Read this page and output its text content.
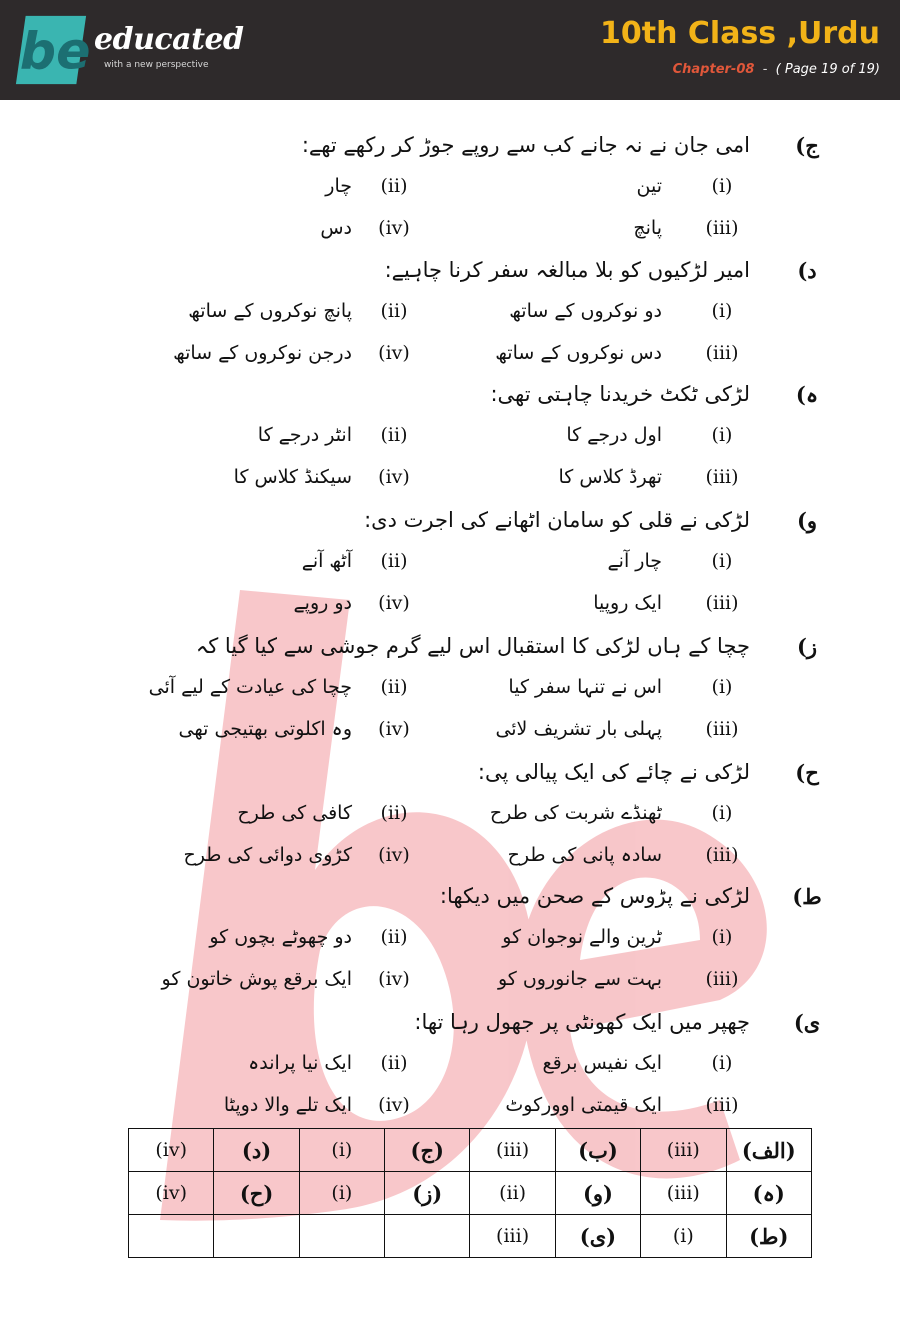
be educated
with a new perspective
10th Class ,Urdu
Chapter-08 - ( Page 19 of 19)
(ج
امی جان نے نہ جانے کب سے روپے جوڑ کر رکھے تھے:
(i)
تین
(ii)
چار
(iii)
پانچ
(iv)
دس
(د
امیر لڑکیوں کو بلا مبالغہ سفر کرنا چاہیے:
(i)
دو نوکروں کے ساتھ
(ii)
پانچ نوکروں کے ساتھ
(iii)
دس نوکروں کے ساتھ
(iv)
درجن نوکروں کے ساتھ
(ہ
لڑکی ٹکٹ خریدنا چاہتی تھی:
(i)
اول درجے کا
(ii)
انٹر درجے کا
(iii)
تھرڈ کلاس کا
(iv)
سیکنڈ کلاس کا
(و
لڑکی نے قلی کو سامان اٹھانے کی اجرت دی:
(i)
چار آنے
(ii)
آٹھ آنے
(iii)
ایک روپیا
(iv)
دو روپے
(ز
چچا کے ہاں لڑکی کا استقبال اس لیے گرم جوشی سے کیا گیا کہ
(i)
اس نے تنہا سفر کیا
(ii)
چچا کی عیادت کے لیے آئی
(iii)
پہلی بار تشریف لائی
(iv)
وہ اکلوتی بھتیجی تھی
(ح
لڑکی نے چائے کی ایک پیالی پی:
(i)
ٹھنڈے شربت کی طرح
(ii)
کافی کی طرح
(iii)
سادہ پانی کی طرح
(iv)
کڑوی دوائی کی طرح
(ط
لڑکی نے پڑوس کے صحن میں دیکھا:
(i)
ٹرین والے نوجوان کو
(ii)
دو چھوٹے بچوں کو
(iii)
بہت سے جانوروں کو
(iv)
ایک برقع پوش خاتون کو
(ی
چھپر میں ایک کھونٹی پر جھول رہا تھا:
(i)
ایک نفیس برقع
(ii)
ایک نیا پراندہ
(iii)
ایک قیمتی اوورکوٹ
(iv)
ایک تلے والا دوپٹا
(iv)	(د)	(i)	(ج)	(iii)	(ب)	(iii)	(الف)
(iv)	(ح)	(i)	(ز)	(ii)	(و)	(iii)	(ہ)
				(iii)	(ی)	(i)	(ط)
